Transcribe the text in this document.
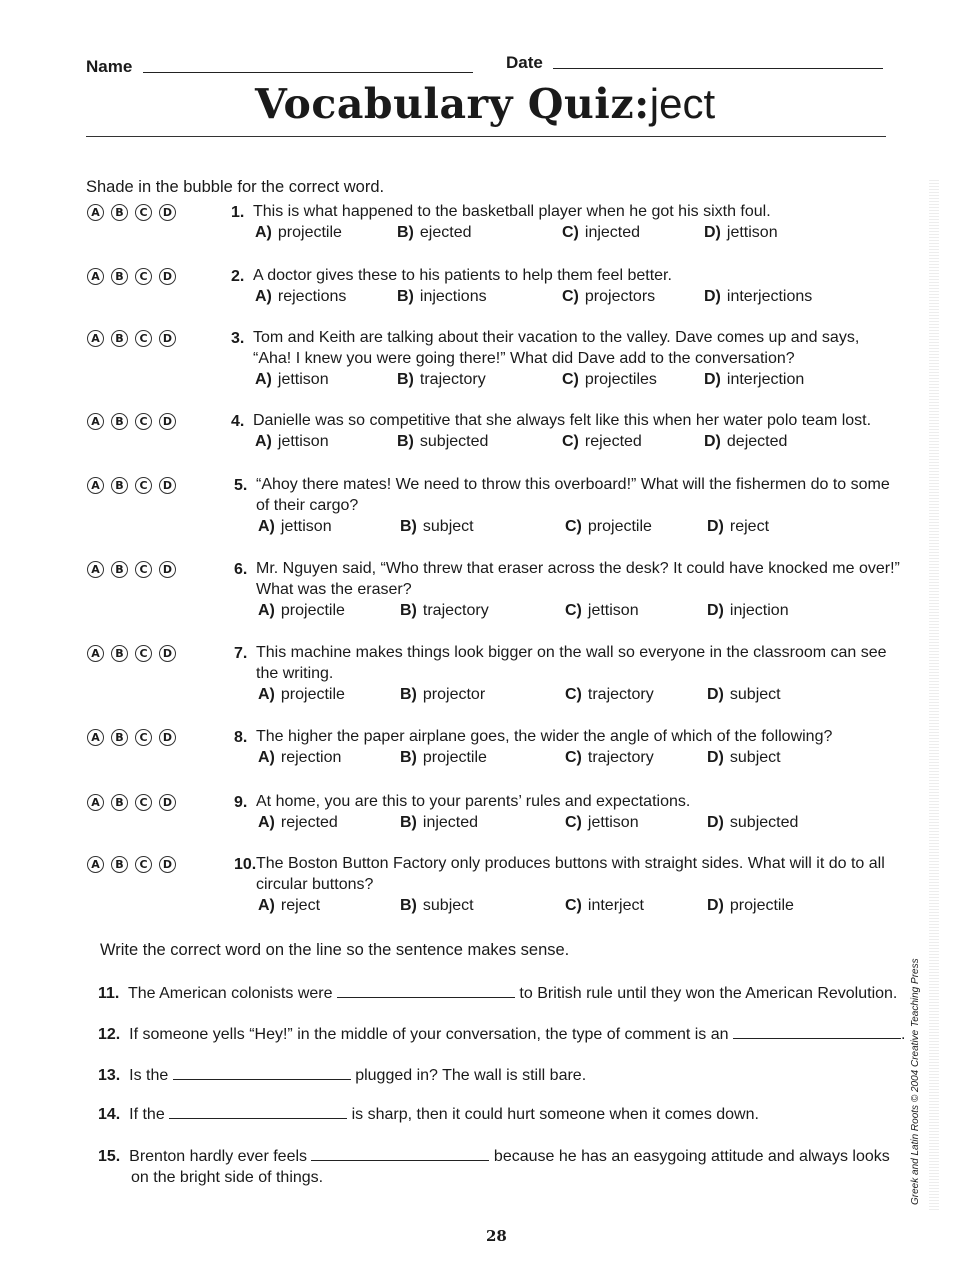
Name	Date
Vocabulary Quiz:ject
Shade in the bubble for the correct word.
A	B	C	D	1. This is what happened to the basketball player when he got his sixth foul.
A) projectile	B) ejected	C) injected	D) jettison
A	B	C	D	2. A doctor gives these to his patients to help them feel better.
A) rejections	B) injections	C) projectors	D) interjections
A	B	C	D	3. Tom and Keith are talking about their vacation to the valley. Dave comes up and says,
“Aha! I knew you were going there!” What did Dave add to the conversation?
A) jettison	B) trajectory	C) projectiles	D) interjection
A	B	C	D	4. Danielle was so competitive that she always felt like this when her water polo team lost.
A) jettison	B) subjected	C) rejected	D) dejected
A	B	C	D	5. “Ahoy there mates! We need to throw this overboard!” What will the fishermen do to some
of their cargo?
A) jettison	B) subject	C) projectile	D) reject
A	B	C	D	6. Mr. Nguyen said, “Who threw that eraser across the desk? It could have knocked me over!”
What was the eraser?
A) projectile	B) trajectory	C) jettison	D) injection
A	B	C	D	7. This machine makes things look bigger on the wall so everyone in the classroom can see
the writing.
A) projectile	B) projector	C) trajectory	D) subject
A	B	C	D	8. The higher the paper airplane goes, the wider the angle of which of the following?
A) rejection	B) projectile	C) trajectory	D) subject
A	B	C	D	9. At home, you are this to your parents’ rules and expectations.
A) rejected	B) injected	C) jettison	D) subjected
A	B	C	D	10. The Boston Button Factory only produces buttons with straight sides. What will it do to all
circular buttons?
A) reject	B) subject	C) interject	D) projectile
Write the correct word on the line so the sentence makes sense.
11. The American colonists were	to British rule until they won the American Revolution.
12. If someone yells “Hey!” in the middle of your conversation, the type of comment is an	.
13. Is the	plugged in? The wall is still bare.
14. If the	is sharp, then it could hurt someone when it comes down.
15. Brenton hardly ever feels	because he has an easygoing attitude and always looks
on the bright side of things.	Greek and Latin Roots © 2004 Creative Teaching Press
28
